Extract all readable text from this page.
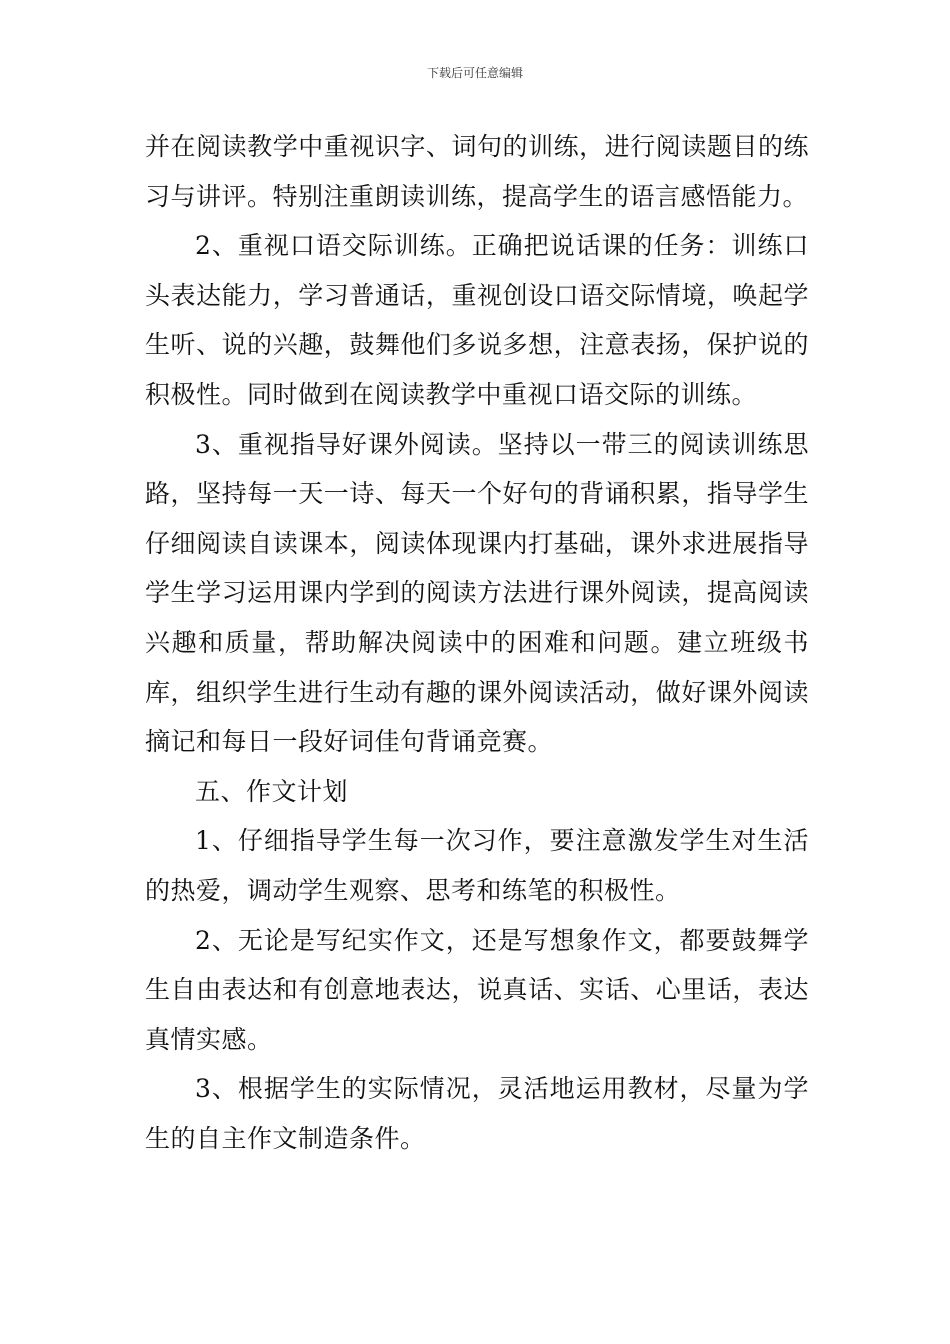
下载后可任意编辑

并在阅读教学中重视识字、词句的训练，进行阅读题目的练习与讲评。特别注重朗读训练，提高学生的语言感悟能力。

2、重视口语交际训练。正确把说话课的任务：训练口头表达能力，学习普通话，重视创设口语交际情境，唤起学生听、说的兴趣，鼓舞他们多说多想，注意表扬，保护说的积极性。同时做到在阅读教学中重视口语交际的训练。

3、重视指导好课外阅读。坚持以一带三的阅读训练思路，坚持每一天一诗、每天一个好句的背诵积累，指导学生仔细阅读自读课本，阅读体现课内打基础，课外求进展指导学生学习运用课内学到的阅读方法进行课外阅读，提高阅读兴趣和质量，帮助解决阅读中的困难和问题。建立班级书库，组织学生进行生动有趣的课外阅读活动，做好课外阅读摘记和每日一段好词佳句背诵竞赛。

五、作文计划

1、仔细指导学生每一次习作，要注意激发学生对生活的热爱，调动学生观察、思考和练笔的积极性。

2、无论是写纪实作文，还是写想象作文，都要鼓舞学生自由表达和有创意地表达，说真话、实话、心里话，表达真情实感。

3、根据学生的实际情况，灵活地运用教材，尽量为学生的自主作文制造条件。
